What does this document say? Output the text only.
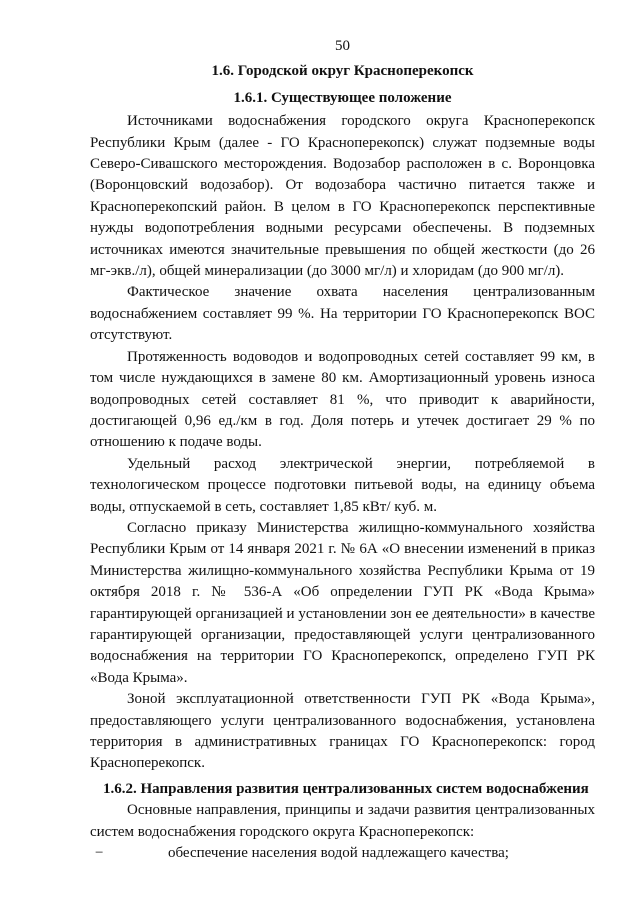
50
1.6. Городской округ Красноперекопск
1.6.1. Существующее положение

Источниками водоснабжения городского округа Красноперекопск Республики Крым (далее - ГО Красноперекопск) служат подземные воды Северо-Сивашского месторождения. Водозабор расположен в с. Воронцовка (Воронцовский водозабор). От водозабора частично питается также и Красноперекопский район. В целом в ГО Красноперекопск перспективные нужды водопотребления водными ресурсами обеспечены. В подземных источниках имеются значительные превышения по общей жесткости (до 26 мг-экв./л), общей минерализации (до 3000 мг/л) и хлоридам (до 900 мг/л).

Фактическое значение охвата населения централизованным водоснабжением составляет 99 %. На территории ГО Красноперекопск ВОС отсутствуют.

Протяженность водоводов и водопроводных сетей составляет 99 км, в том числе нуждающихся в замене 80 км. Амортизационный уровень износа водопроводных сетей составляет 81 %, что приводит к аварийности, достигающей 0,96 ед./км в год. Доля потерь и утечек достигает 29 % по отношению к подаче воды.

Удельный расход электрической энергии, потребляемой в технологическом процессе подготовки питьевой воды, на единицу объема воды, отпускаемой в сеть, составляет 1,85 кВт/ куб. м.

Согласно приказу Министерства жилищно-коммунального хозяйства Республики Крым от 14 января 2021 г. № 6А «О внесении изменений в приказ Министерства жилищно-коммунального хозяйства Республики Крыма от 19 октября 2018 г. № 536-А «Об определении ГУП РК «Вода Крыма» гарантирующей организацией и установлении зон ее деятельности» в качестве гарантирующей организации, предоставляющей услуги централизованного водоснабжения на территории ГО Красноперекопск, определено ГУП РК «Вода Крыма».

Зоной эксплуатационной ответственности ГУП РК «Вода Крыма», предоставляющего услуги централизованного водоснабжения, установлена территория в административных границах ГО Красноперекопск: город Красноперекопск.

1.6.2. Направления развития централизованных систем водоснабжения

Основные направления, принципы и задачи развития централизованных систем водоснабжения городского округа Красноперекопск:

−	обеспечение населения водой надлежащего качества;
